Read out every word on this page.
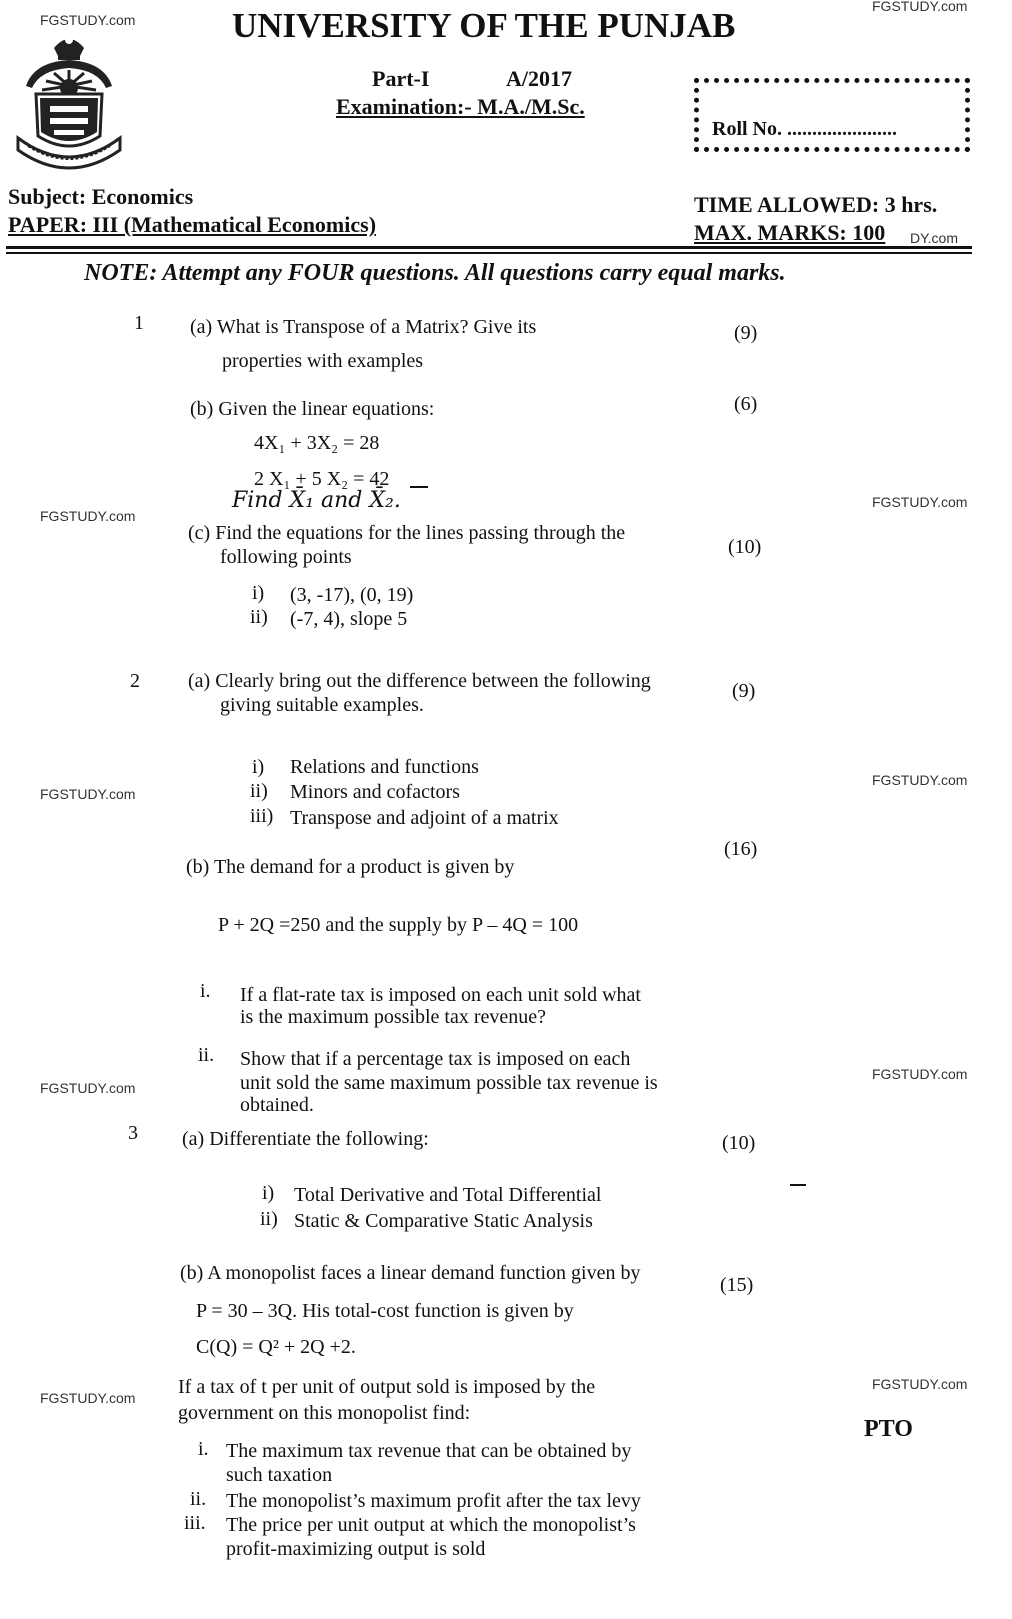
FGSTUDY.com
FGSTUDY.com
FGSTUDY.com
FGSTUDY.com
FGSTUDY.com
FGSTUDY.com
FGSTUDY.com
FGSTUDY.com
FGSTUDY.com
FGSTUDY.com
UNIVERSITY OF THE PUNJAB
Part-I	A/2017
Examination:- M.A./M.Sc.
Roll No. ......................
Subject: Economics
PAPER: III (Mathematical Economics)
TIME ALLOWED: 3 hrs.
MAX. MARKS: 100 DY.com
NOTE: Attempt any FOUR questions. All questions carry equal marks.
1 (a) What is Transpose of a Matrix? Give its
properties with examples
(9)
(b) Given the linear equations:	(6)
4X₁ + 3X₂ = 28
2 X₁ + 5 X₂ = 42
Find X̄₁ and X̄₂.
(c) Find the equations for the lines passing through the
following points	(10)
i) (3, -17), (0, 19)
ii) (-7, 4), slope 5
2 (a) Clearly bring out the difference between the following
giving suitable examples.
(9)
i) Relations and functions
ii) Minors and cofactors
iii) Transpose and adjoint of a matrix
(b) The demand for a product is given by
(16)
P + 2Q =250 and the supply by P – 4Q = 100
i. If a flat-rate tax is imposed on each unit sold what
is the maximum possible tax revenue?
ii. Show that if a percentage tax is imposed on each
unit sold the same maximum possible tax revenue is
obtained.
3 (a) Differentiate the following:	(10)
i) Total Derivative and Total Differential
ii) Static & Comparative Static Analysis
(b) A monopolist faces a linear demand function given by
(15)
P = 30 – 3Q. His total-cost function is given by
C(Q) = Q² + 2Q +2.
If a tax of t per unit of output sold is imposed by the
government on this monopolist find:
i. The maximum tax revenue that can be obtained by
such taxation
ii. The monopolist’s maximum profit after the tax levy
iii. The price per unit output at which the monopolist’s
profit-maximizing output is sold
PTO
